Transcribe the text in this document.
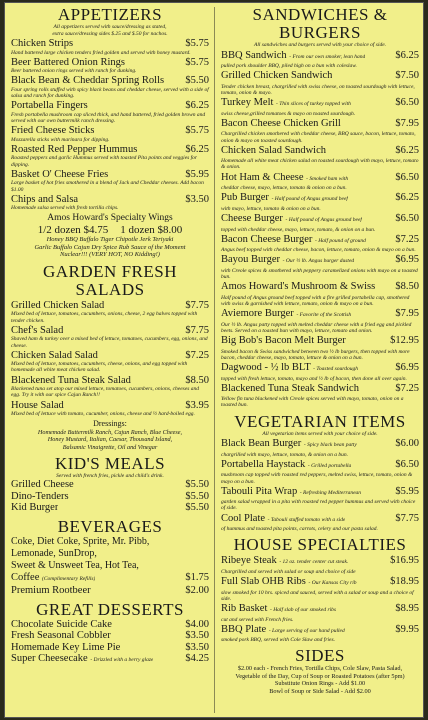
APPETIZERS
All appetizers served with sauce/dressing as stated,
extra sauce/dressing sides $.25 and $.50 for nachos.
Chicken Strips	$5.75
Hand battered large chicken tenders fried golden and served with honey mustard.
Beer Battered Onion Rings	$5.75
Beer battered onion rings served with ranch for dunking.
Black Bean & Cheddar Spring Rolls $5.50
Four spring rolls stuffed with spicy black beans and cheddar cheese, served with a side of salsa and ranch for dunking.
Portabella Fingers	$6.25
Fresh portabella mushroom cap sliced thick, and hand battered, fried golden brown and served with our own buttermilk ranch dressing.
Fried Cheese Sticks	$5.75
Mozzarella sticks with marinara for dipping.
Roasted Red Pepper Hummus	$6.25
Roasted peppers and garlic Hummus served with toasted Pita points and veggies for dipping.
Basket O' Cheese Fries	$5.95
Large basket of hot fries smothered in a blend of Jack and Cheddar cheeses. Add bacon $1.00
Chips and Salsa	$3.50
Homemade salsa served with fresh tortilla chips.
Amos Howard's Specialty Wings
1/2 dozen $4.75 1 dozen $8.00
Honey BBQ Buffalo Tiger Chipotle Jerk Teriyaki
Garlic Buffalo Cajun Dry Spice Rub Sauce of the Moment
Nuclear!!! (VERY HOT, NO Kidding!)
GARDEN FRESH SALADS
Grilled Chicken Salad	$7.75
Mixed bed of lettuce, tomatoes, cucumbers, onions, cheese, 2 egg halves topped with tender chicken.
Chef's Salad	$7.75
Shaved ham & turkey over a mixed bed of lettuce, tomatoes, cucumbers, egg, onions, and cheese.
Chicken Salad Salad	$7.25
Mixed bed of lettuce, tomatoes, cucumbers, cheese, onions, and egg topped with homemade all white meat chicken salad.
Blackened Tuna Steak Salad	$8.50
Blackened tuna set atop our mixed lettuce, tomatoes, cucumbers, onions, cheeses and egg. Try it with our spice Cajun Ranch!!
House Salad	$3.95
Mixed bed of lettuce with tomato, cucumber, onions, cheese and ½ hard-boiled egg.
Dressings:
Homemade Buttermilk Ranch, Cajun Ranch, Blue Cheese,
Honey Mustard, Italian, Caesar, Thousand Island,
Balsamic Vinaigrette, Oil and Vinegar
KID'S MEALS
Served with french fries, pickle and child's drink.
Grilled Cheese	$5.50
Dino-Tenders	$5.50
Kid Burger	$5.50
BEVERAGES
Coke, Diet Coke, Sprite, Mr. Pibb,
Lemonade, SunDrop,
Sweet & Unsweet Tea, Hot Tea,
Coffee (Complimentary Refills)	$1.75
Premium Rootbeer	$2.00
GREAT DESSERTS
Chocolate Suicide Cake	$4.00
Fresh Seasonal Cobbler	$3.50
Homemade Key Lime Pie	$3.50
Super Cheesecake - Drizzled with a berry glaze	$4.25
SANDWICHES & BURGERS
All sandwiches and burgers served with your choice of side.
BBQ Sandwich - From our own smoker, lean hand	$6.25
pulled pork shoulder BBQ, piled high on a bun with coleslaw.
Grilled Chicken Sandwich	$7.50
Tender chicken breast, chargrilled with swiss cheese, on toasted sourdough with lettuce, tomato, onion & mayo.
Turkey Melt - Thin slices of turkey topped with	$6.50
swiss cheese,grilled tomatoes & mayo on toasted sourdough.
Bacon Cheese Chicken Grill	$7.95
Chargrilled chicken smothered with cheddar cheese, BBQ sauce, bacon, lettuce, tomato, onion & mayo on toasted sourdough.
Chicken Salad Sandwich	$6.25
Homemade all white meat chicken salad on toasted sourdough with mayo, lettuce, tomato & onion.
Hot Ham & Cheese - Smoked ham with	$6.50
cheddar cheese, mayo, lettuce, tomato & onion on a bun.
Pub Burger - Half pound of Angus ground beef	$6.25
with mayo, lettuce, tomato & onion on a bun.
Cheese Burger - Half pound of Angus ground beef	$6.50
topped with cheddar cheese, mayo, lettuce, tomato, & onion on a bun.
Bacon Cheese Burger - Half pound of ground	$7.25
Angus beef topped with cheddar cheese, bacon, lettuce, tomato, onion & mayo on a bun.
Bayou Burger - Our ½ lb. Angus burger dusted	$6.95
with Creole spices & smothered with peppery caramelized onions with mayo on a toasted bun.
Amos Howard's Mushroom & Swiss $8.50
Half pound of Angus ground beef topped with a fire grilled portabella cap, smothered with swiss & garnished with lettuce, tomato, onion & mayo on a bun.
Aviemore Burger - Favorite of the Scottish	$7.95
Our ½ lb. Angus patty topped with melted cheddar cheese with a fried egg and pickled beets. Served on a toasted bun with mayo, lettuce, tomato and onion.
Big Bob's Bacon Melt Burger	$12.95
Smoked bacon & Swiss sandwiched between two ½ lb burgers, then topped with more bacon, cheddar cheese, mayo, tomato, lettuce & onion on a bun.
Dagwood - ½ lb BLT - Toasted sourdough	$6.95
topped with fresh lettuce, tomato, mayo and ½ lb of bacon, then done all over again.
Blackened Tuna Steak Sandwich	$7.25
Yellow fin tuna blackened with Creole spices served with mayo, tomato, onion on a toasted bun.
VEGETARIAN ITEMS
All vegetarian items served with your choice of side.
Black Bean Burger - Spicy black bean patty	$6.00
chargrilled with mayo, lettuce, tomato, & onion on a bun.
Portabella Haystack - Grilled portabella	$6.50
mushroom cap topped with roasted red peppers, melted swiss, lettuce, tomato, onion & mayo on a bun.
Tabouli Pita Wrap - Refreshing Mediterranean	$5.95
garden salad wrapped in a pita with roasted red pepper hummus and served with choice of side.
Cool Plate - Tabouli stuffed tomato with a side	$7.75
of hummus and toasted pita points, carrots, celery and our pasta salad.
HOUSE SPECIALTIES
Ribeye Steak - 12 oz. tender center cut steak.	$16.95
Chargrilled and served with salad or soup and choice of side
Full Slab OHB Ribs - Our Kansas City rib	$18.95
slow smoked for 10 hrs. spiced and sauced, served with a salad or soup and a choice of side.
Rib Basket - Half slab of our smoked ribs	$8.95
cut and served with French fries.
BBQ Plate - Large serving of our hand pulled	$9.95
smoked pork BBQ, served with Cole Slaw and fries.
SIDES
$2.00 each - French Fries, Tortilla Chips, Cole Slaw, Pasta Salad,
Vegetable of the Day, Cup of Soup or Roasted Potatoes (after 5pm)
Substitute Onion Rings - Add $1.00
Bowl of Soup or Side Salad - Add $2.00
